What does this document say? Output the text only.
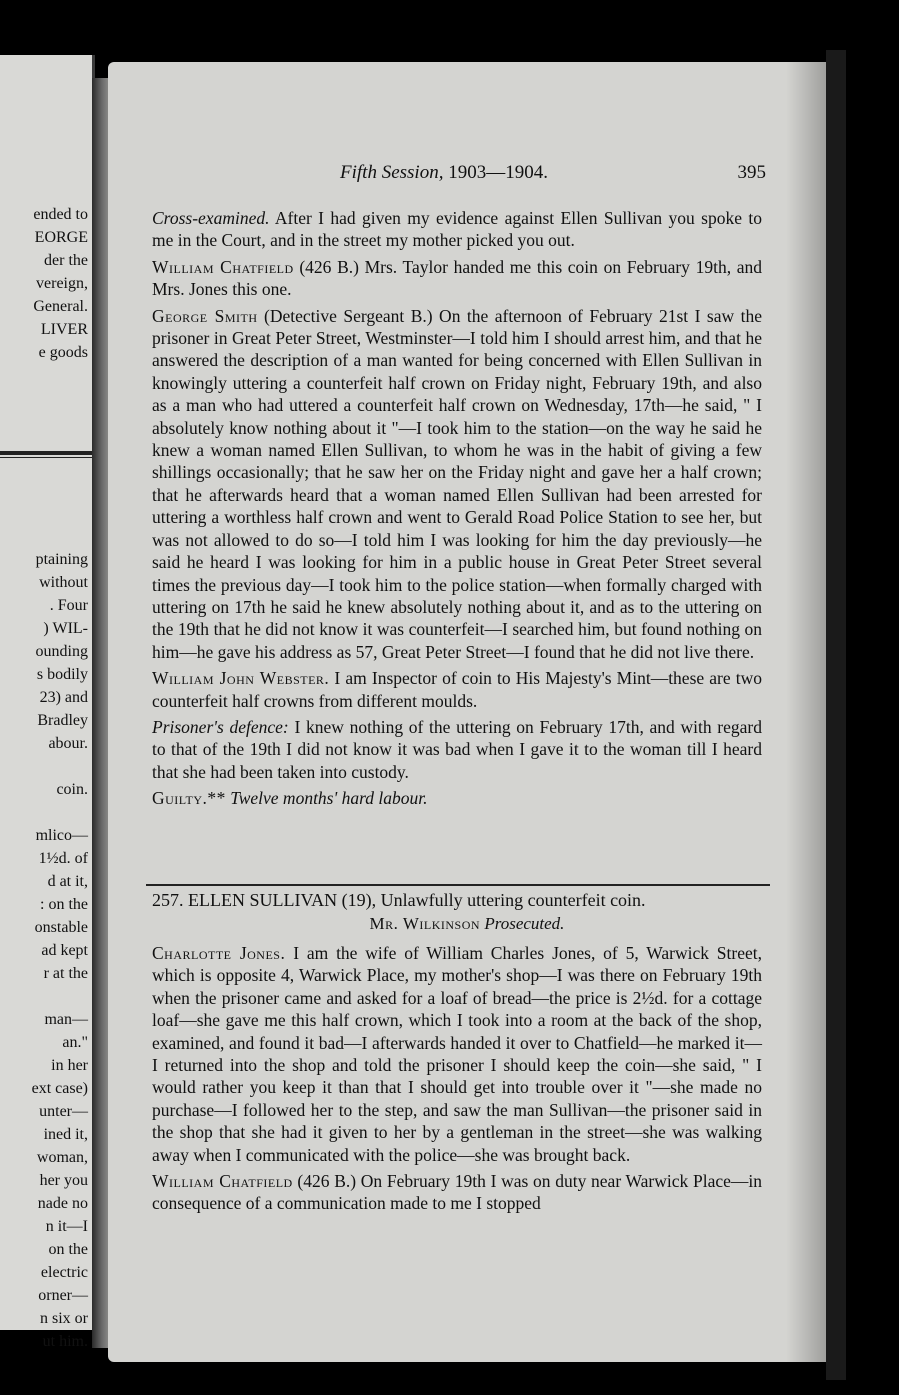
ended to
EORGE
der the
vereign,
General.
LIVER
e goods

ptaining
without
. Four
) WIL-
ounding
s bodily
23) and
Bradley
abour.

coin.

mlico—
1½d. of
d at it,
: on the
onstable
ad kept
r at the

man—
an."
in her
ext case)
unter—
ined it,
woman,
her you
nade no
n it—I
on the
electric
orner—
n six or
ut him.
Fifth Session, 1903—1904.	395

Cross-examined. After I had given my evidence against Ellen Sullivan you spoke to me in the Court, and in the street my mother picked you out.

William Chatfield (426 B.) Mrs. Taylor handed me this coin on February 19th, and Mrs. Jones this one.

George Smith (Detective Sergeant B.) On the afternoon of February 21st I saw the prisoner in Great Peter Street, Westminster—I told him I should arrest him, and that he answered the description of a man wanted for being concerned with Ellen Sullivan in knowingly uttering a counterfeit half crown on Friday night, February 19th, and also as a man who had uttered a counterfeit half crown on Wednesday, 17th—he said, " I absolutely know nothing about it "—I took him to the station—on the way he said he knew a woman named Ellen Sullivan, to whom he was in the habit of giving a few shillings occasionally; that he saw her on the Friday night and gave her a half crown; that he afterwards heard that a woman named Ellen Sullivan had been arrested for uttering a worthless half crown and went to Gerald Road Police Station to see her, but was not allowed to do so—I told him I was looking for him the day previously—he said he heard I was looking for him in a public house in Great Peter Street several times the previous day—I took him to the police station—when formally charged with uttering on 17th he said he knew absolutely nothing about it, and as to the uttering on the 19th that he did not know it was counterfeit—I searched him, but found nothing on him—he gave his address as 57, Great Peter Street—I found that he did not live there.

William John Webster. I am Inspector of coin to His Majesty's Mint—these are two counterfeit half crowns from different moulds.

Prisoner's defence: I knew nothing of the uttering on February 17th, and with regard to that of the 19th I did not know it was bad when I gave it to the woman till I heard that she had been taken into custody.

Guilty.** Twelve months' hard labour.

257. ELLEN SULLIVAN (19), Unlawfully uttering counterfeit coin.
Mr. Wilkinson Prosecuted.

Charlotte Jones. I am the wife of William Charles Jones, of 5, Warwick Street, which is opposite 4, Warwick Place, my mother's shop—I was there on February 19th when the prisoner came and asked for a loaf of bread—the price is 2½d. for a cottage loaf—she gave me this half crown, which I took into a room at the back of the shop, examined, and found it bad—I afterwards handed it over to Chatfield—he marked it—I returned into the shop and told the prisoner I should keep the coin—she said, " I would rather you keep it than that I should get into trouble over it "—she made no purchase—I followed her to the step, and saw the man Sullivan—the prisoner said in the shop that she had it given to her by a gentleman in the street—she was walking away when I communicated with the police—she was brought back.

William Chatfield (426 B.) On February 19th I was on duty near Warwick Place—in consequence of a communication made to me I stopped
